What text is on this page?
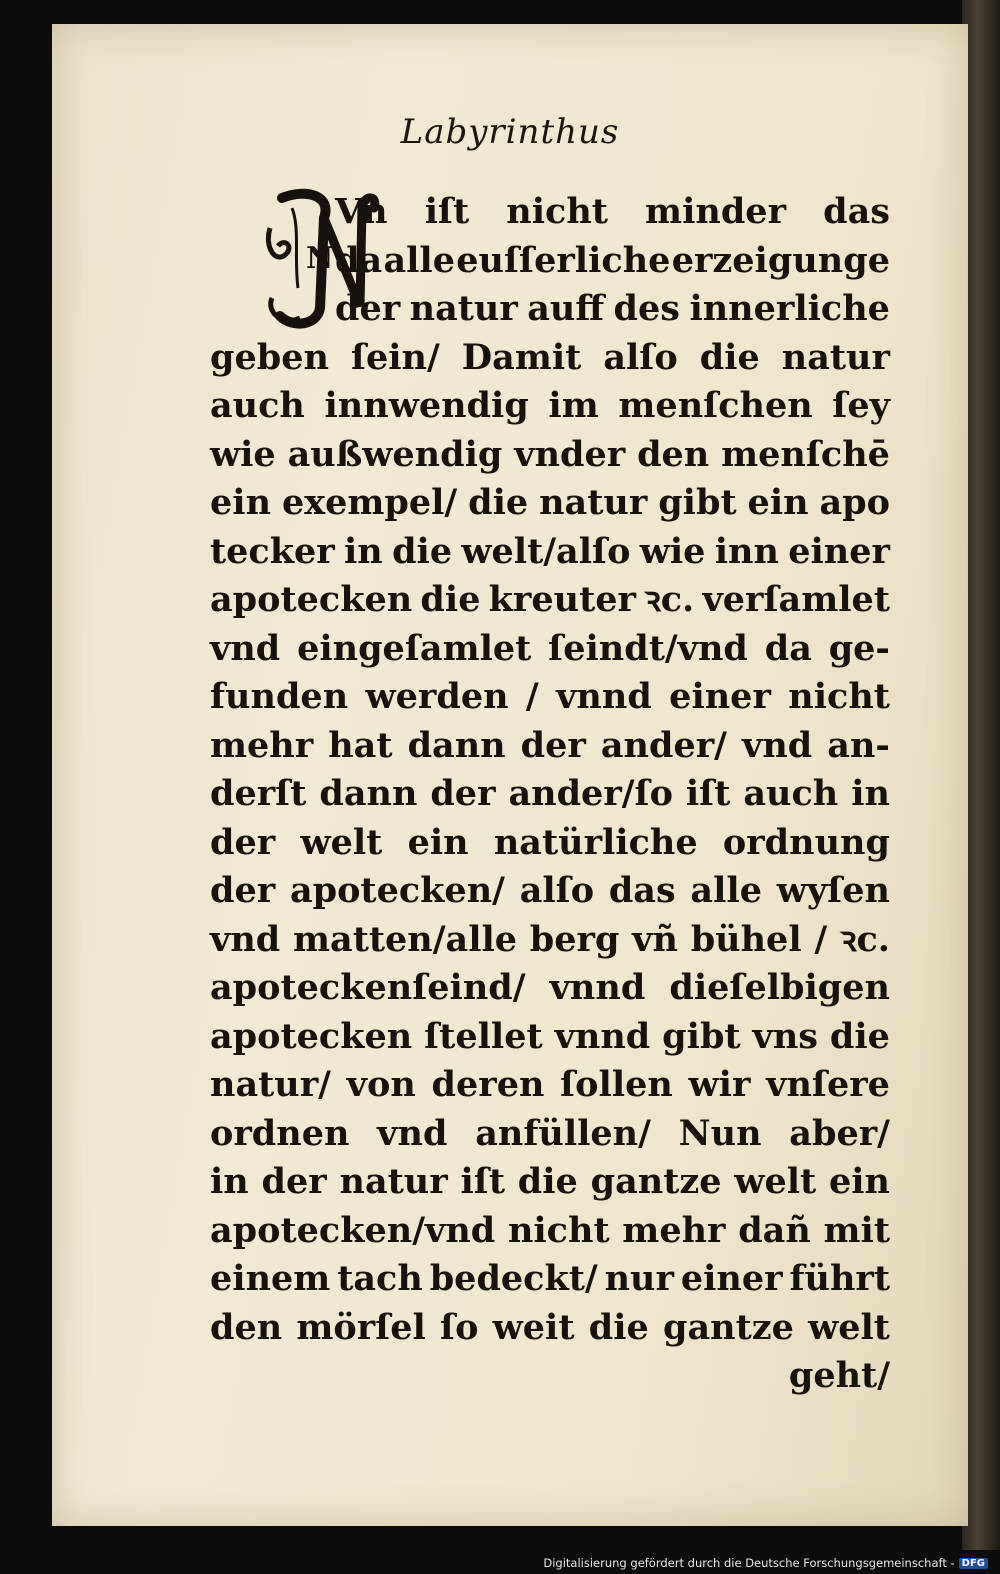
Labyrinthus
N
Vn iſt nicht minder das
da alle euſſerliche erzeigunge
der natur auff des innerliche
geben ſein/ Damit alſo die natur
auch innwendig im menſchen ſey
wie außwendig vnder den menſchē
ein exempel/ die natur gibt ein apo
tecker in die welt/alſo wie inn einer
apotecken die kreuter ꝛc. verſamlet
vnd eingeſamlet ſeindt/vnd da ge-
funden werden / vnnd einer nicht
mehr hat dann der ander/ vnd an-
derſt dann der ander/ſo iſt auch in
der welt ein natürliche ordnung
der apotecken/ alſo das alle wyſen
vnd matten/alle berg vñ bühel / ꝛc.
apoteckenſeind/ vnnd dieſelbigen
apotecken ſtellet vnnd gibt vns die
natur/ von deren ſollen wir vnſere
ordnen vnd anfüllen/ Nun aber/
in der natur iſt die gantze welt ein
apotecken/vnd nicht mehr dañ mit
einem tach bedeckt/ nur einer führt
den mörſel ſo weit die gantze welt
geht/
Digitalisierung gefördert durch die Deutsche Forschungsgemeinschaft - DFG
